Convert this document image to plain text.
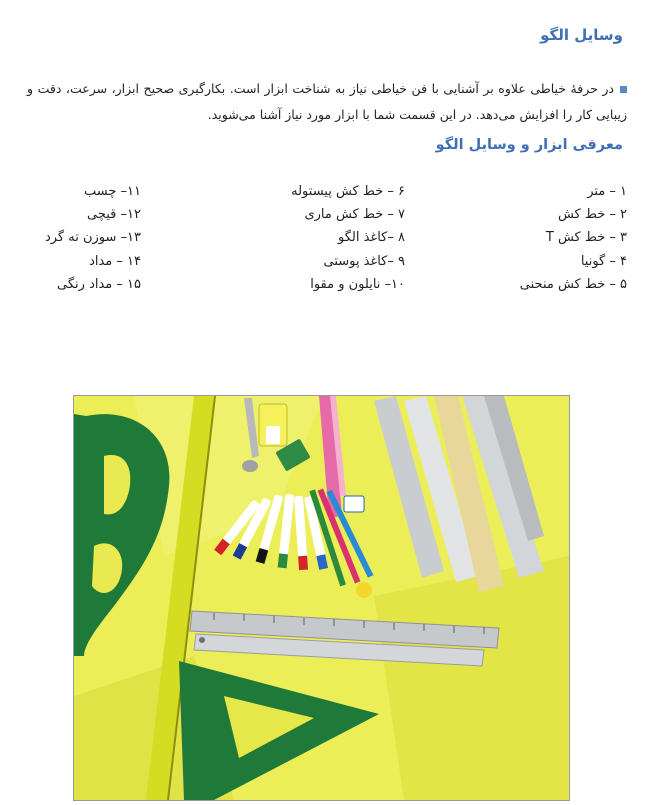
وسایل الگو
در حرفهٔ خیاطی علاوه بر آشنایی با فن خیاطی نیاز به شناخت ابزار است. بکارگیری صحیح ابزار، سرعت، دقت و زیبایی کار را افزایش می‌دهد. در این قسمت شما با ابزار مورد نیاز آشنا می‌شوید.
معرفی ابزار و وسایل الگو
۱ – متر
۲ – خط کش
۳ – خط کش T
۴ – گونیا
۵ – خط کش منحنی
۶ – خط کش پیستوله
۷ – خط کش ماری
۸ –کاغذ الگو
۹ –کاغذ پوستی
۱۰– نایلون و مقوا
۱۱– چسب
۱۲– قیچی
۱۳– سوزن ته گرد
۱۴ – مداد
۱۵ – مداد رنگی
